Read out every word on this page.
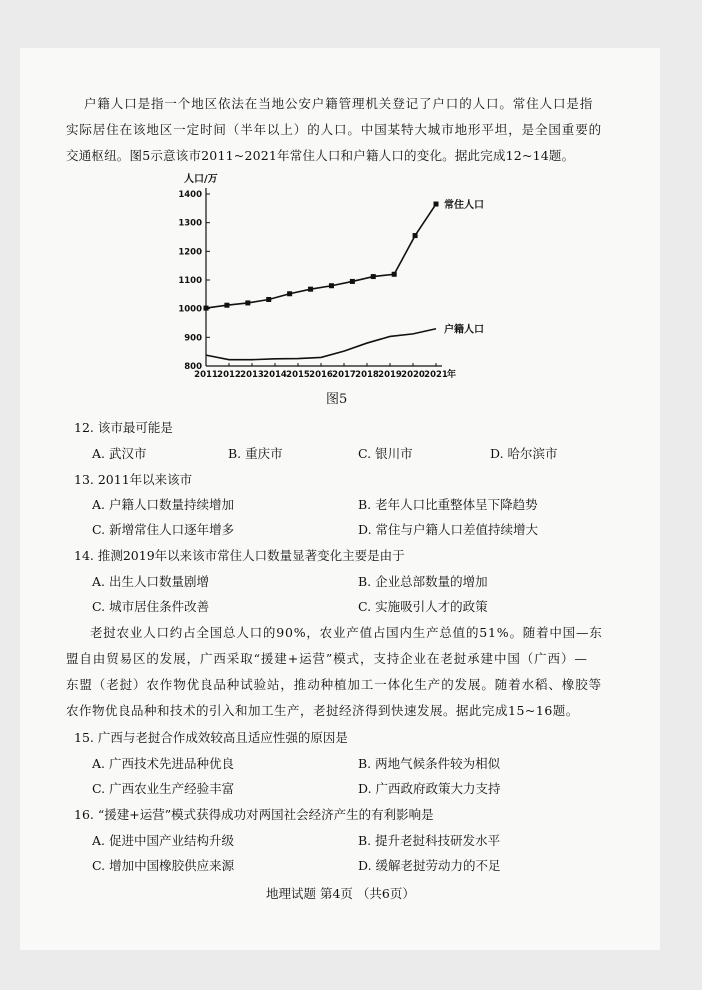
户籍人口是指一个地区依法在当地公安户籍管理机关登记了户口的人口。常住人口是指
实际居住在该地区一定时间（半年以上）的人口。中国某特大城市地形平坦，是全国重要的
交通枢纽。图5示意该市2011~2021年常住人口和户籍人口的变化。据此完成12~14题。
人口/万
800
900
1000
1100
1200
1300
1400
2011 2012 2013 2014 2015 2016 2017 2018 2019 2020 2021 年
常住人口
户籍人口
图5
12. 该市最可能是
A. 武汉市	B. 重庆市	C. 银川市	D. 哈尔滨市
13. 2011年以来该市
A. 户籍人口数量持续增加	B. 老年人口比重整体呈下降趋势
C. 新增常住人口逐年增多	D. 常住与户籍人口差值持续增大
14. 推测2019年以来该市常住人口数量显著变化主要是由于
A. 出生人口数量剧增	B. 企业总部数量的增加
C. 城市居住条件改善	C. 实施吸引人才的政策
老挝农业人口约占全国总人口的90%，农业产值占国内生产总值的51%。随着中国—东
盟自由贸易区的发展，广西采取“援建+运营”模式，支持企业在老挝承建中国（广西）—
东盟（老挝）农作物优良品种试验站，推动种植加工一体化生产的发展。随着水稻、橡胶等
农作物优良品种和技术的引入和加工生产，老挝经济得到快速发展。据此完成15~16题。
15. 广西与老挝合作成效较高且适应性强的原因是
A. 广西技术先进品种优良	B. 两地气候条件较为相似
C. 广西农业生产经验丰富	D. 广西政府政策大力支持
16. “援建+运营”模式获得成功对两国社会经济产生的有利影响是
A. 促进中国产业结构升级	B. 提升老挝科技研发水平
C. 增加中国橡胶供应来源	D. 缓解老挝劳动力的不足
地理试题 第4页 （共6页）
